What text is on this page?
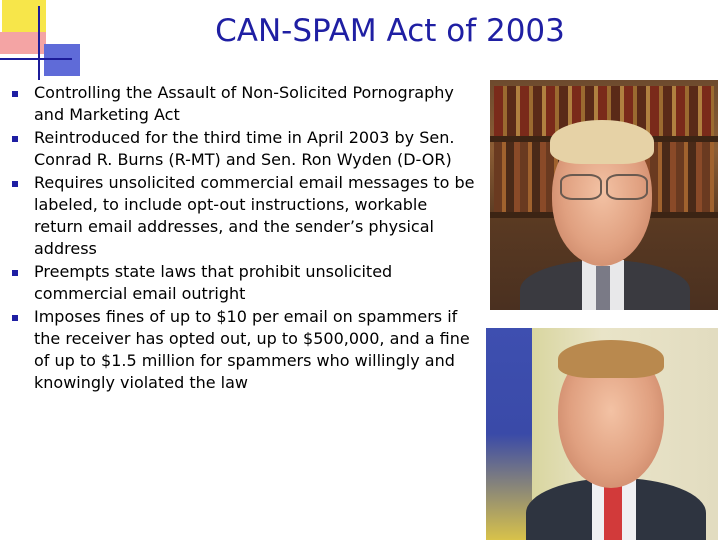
CAN-SPAM Act of 2003
Controlling the Assault of Non-Solicited Pornography and Marketing Act
Reintroduced for the third time in April 2003 by Sen. Conrad R. Burns (R-MT) and Sen. Ron Wyden (D-OR)
Requires unsolicited commercial email messages to be labeled, to include opt-out instructions, workable return email addresses, and the sender’s physical address
Preempts state laws that prohibit unsolicited commercial email outright
Imposes fines of up to $10 per email on spammers if the receiver has opted out, up to $500,000, and a fine of up to $1.5 million for spammers who willingly and knowingly violated the law
